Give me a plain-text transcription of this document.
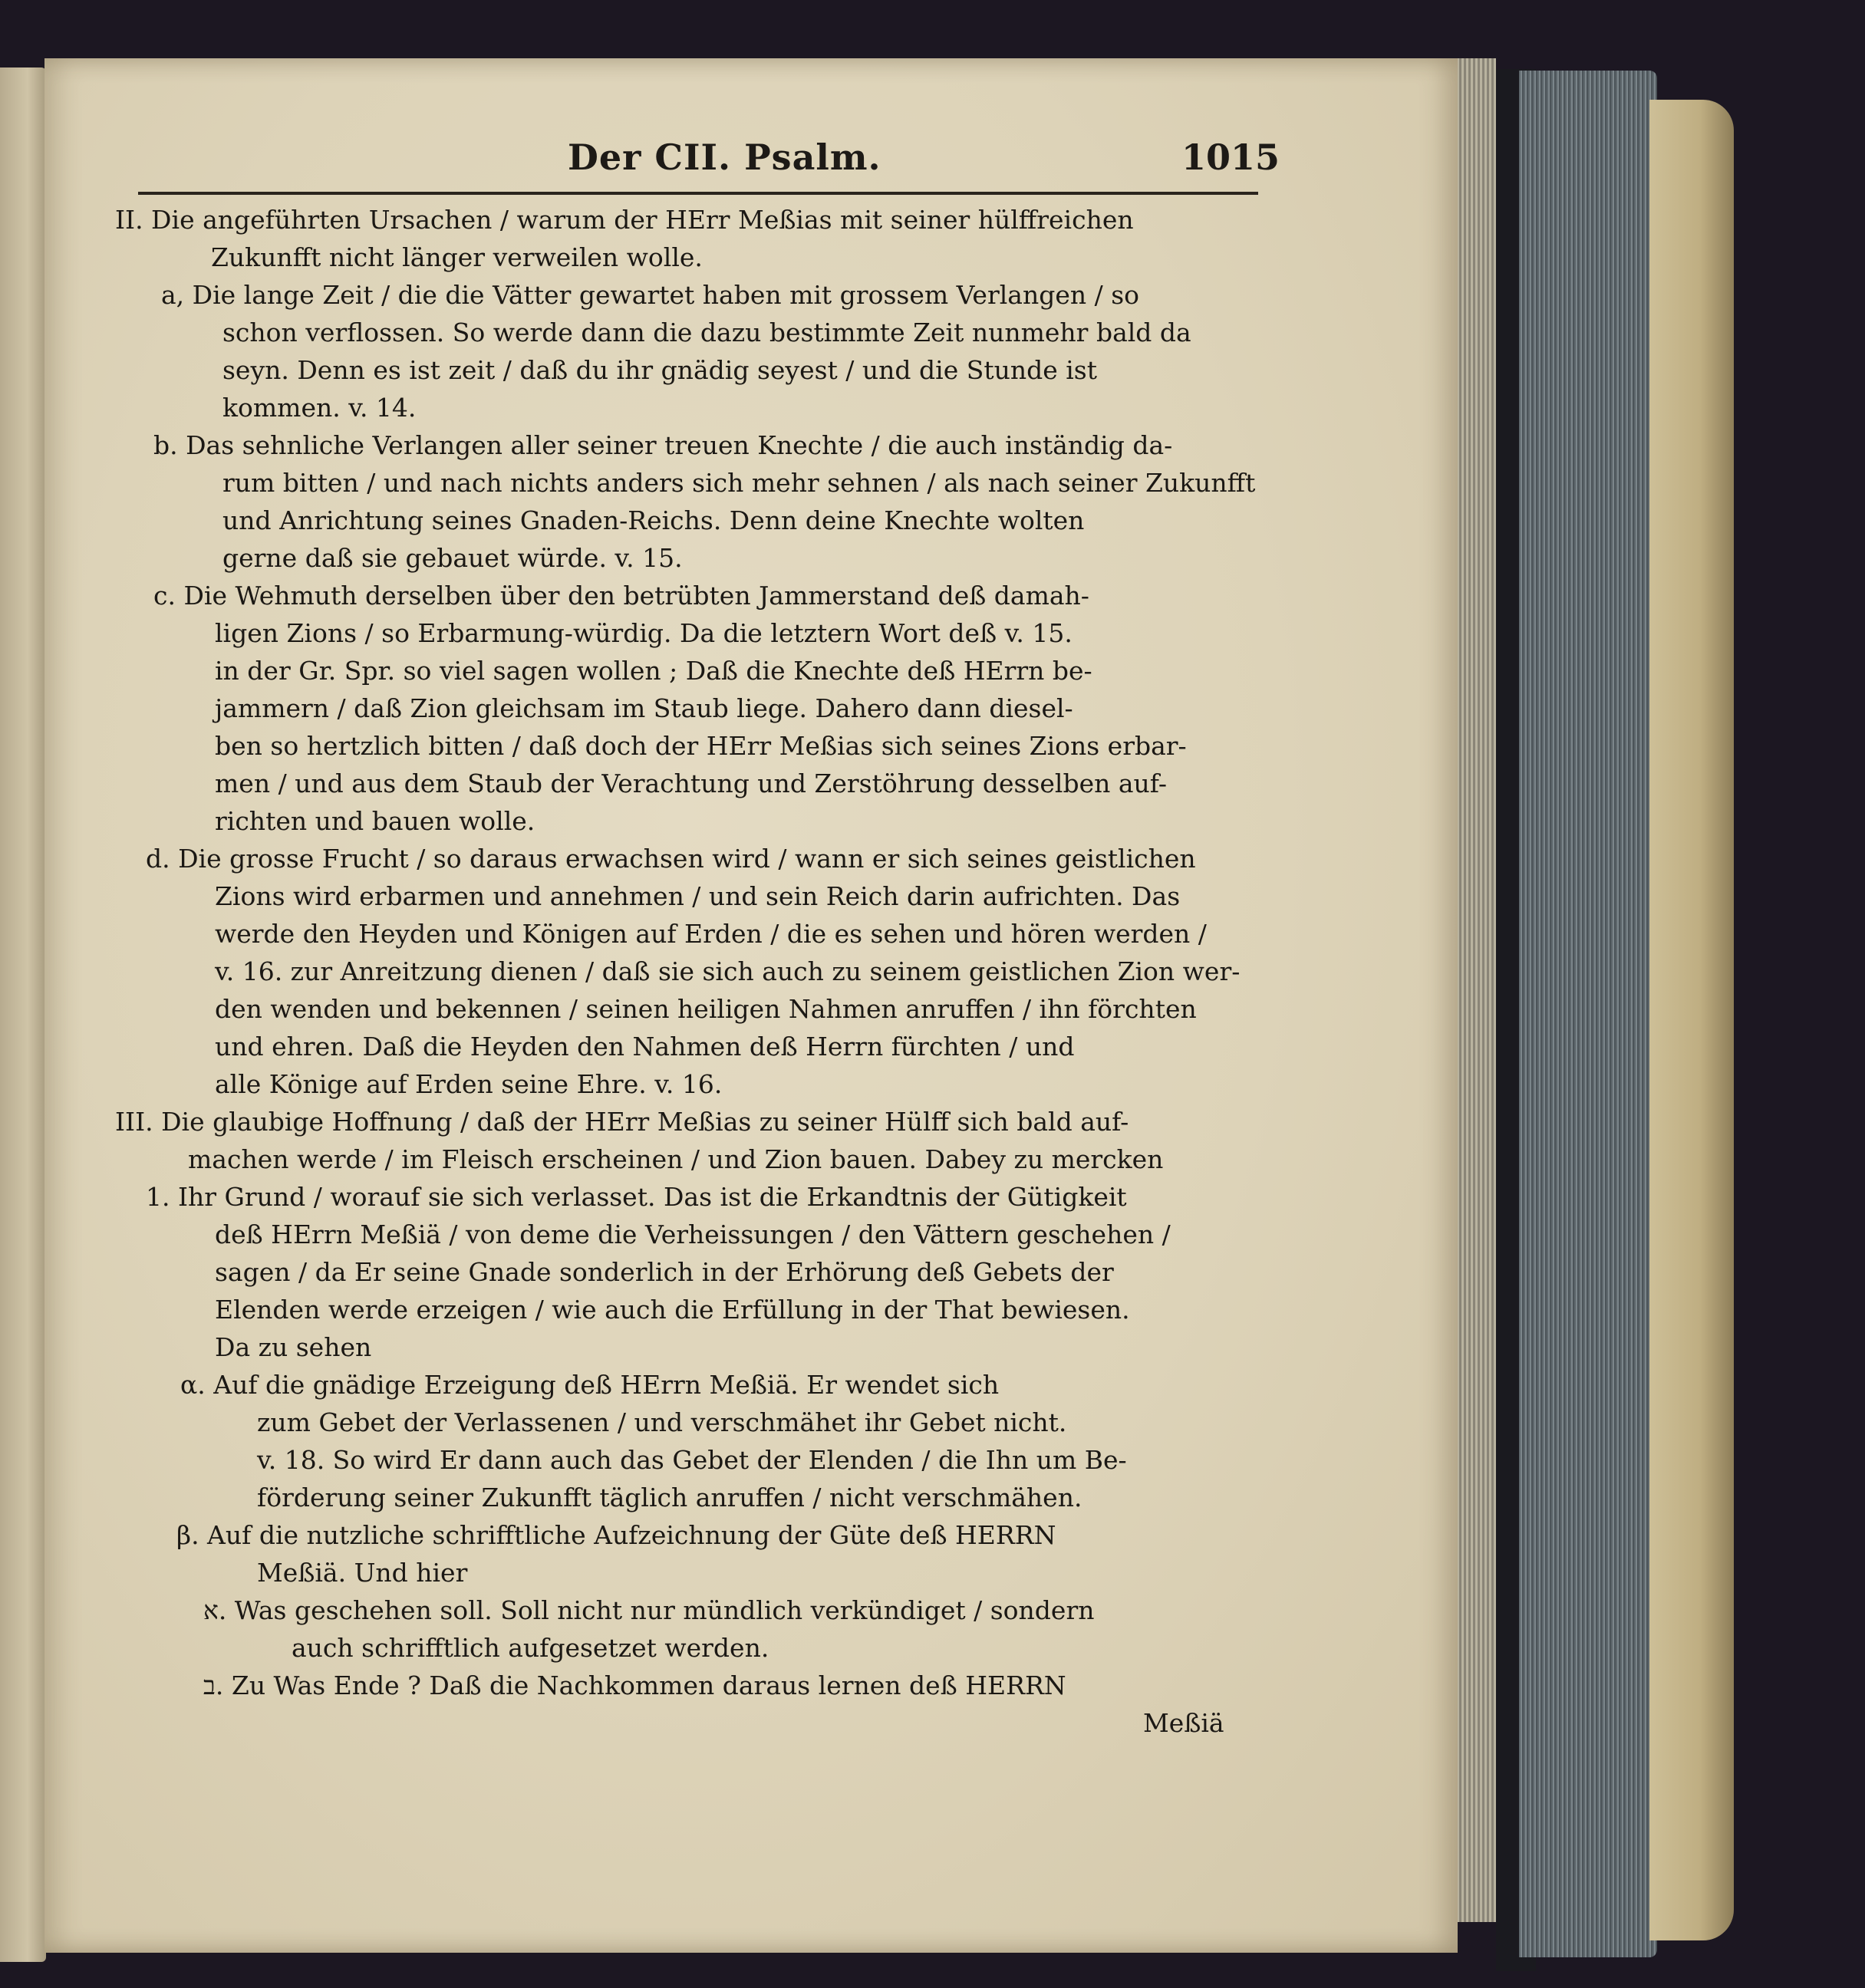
Der CII. Psalm.	1015
II. Die angeführten Ursachen / warum der HErr Meßias mit seiner hülffreichen
Zukunfft nicht länger verweilen wolle.
a, Die lange Zeit / die die Vätter gewartet haben mit grossem Verlangen / so
schon verflossen. So werde dann die dazu bestimmte Zeit nunmehr bald da
seyn. Denn es ist zeit / daß du ihr gnädig seyest / und die Stunde ist
kommen. v. 14.
b. Das sehnliche Verlangen aller seiner treuen Knechte / die auch inständig da-
rum bitten / und nach nichts anders sich mehr sehnen / als nach seiner Zukunfft
und Anrichtung seines Gnaden-Reichs. Denn deine Knechte wolten
gerne daß sie gebauet würde. v. 15.
c. Die Wehmuth derselben über den betrübten Jammerstand deß damah-
ligen Zions / so Erbarmung-würdig. Da die letztern Wort deß v. 15.
in der Gr. Spr. so viel sagen wollen ; Daß die Knechte deß HErrn be-
jammern / daß Zion gleichsam im Staub liege. Dahero dann diesel-
ben so hertzlich bitten / daß doch der HErr Meßias sich seines Zions erbar-
men / und aus dem Staub der Verachtung und Zerstöhrung desselben auf-
richten und bauen wolle.
d. Die grosse Frucht / so daraus erwachsen wird / wann er sich seines geistlichen
Zions wird erbarmen und annehmen / und sein Reich darin aufrichten. Das
werde den Heyden und Königen auf Erden / die es sehen und hören werden /
v. 16. zur Anreitzung dienen / daß sie sich auch zu seinem geistlichen Zion wer-
den wenden und bekennen / seinen heiligen Nahmen anruffen / ihn förchten
und ehren. Daß die Heyden den Nahmen deß Herrn fürchten / und
alle Könige auf Erden seine Ehre. v. 16.
III. Die glaubige Hoffnung / daß der HErr Meßias zu seiner Hülff sich bald auf-
machen werde / im Fleisch erscheinen / und Zion bauen. Dabey zu mercken
1. Ihr Grund / worauf sie sich verlasset. Das ist die Erkandtnis der Gütigkeit
deß HErrn Meßiä / von deme die Verheissungen / den Vättern geschehen /
sagen / da Er seine Gnade sonderlich in der Erhörung deß Gebets der
Elenden werde erzeigen / wie auch die Erfüllung in der That bewiesen.
Da zu sehen
α. Auf die gnädige Erzeigung deß HErrn Meßiä. Er wendet sich
zum Gebet der Verlassenen / und verschmähet ihr Gebet nicht.
v. 18. So wird Er dann auch das Gebet der Elenden / die Ihn um Be-
förderung seiner Zukunfft täglich anruffen / nicht verschmähen.
β. Auf die nutzliche schrifftliche Aufzeichnung der Güte deß HERRN
Meßiä. Und hier
א. Was geschehen soll. Soll nicht nur mündlich verkündiget / sondern
auch schrifftlich aufgesetzet werden.
ב. Zu Was Ende ? Daß die Nachkommen daraus lernen deß HERRN
Meßiä
